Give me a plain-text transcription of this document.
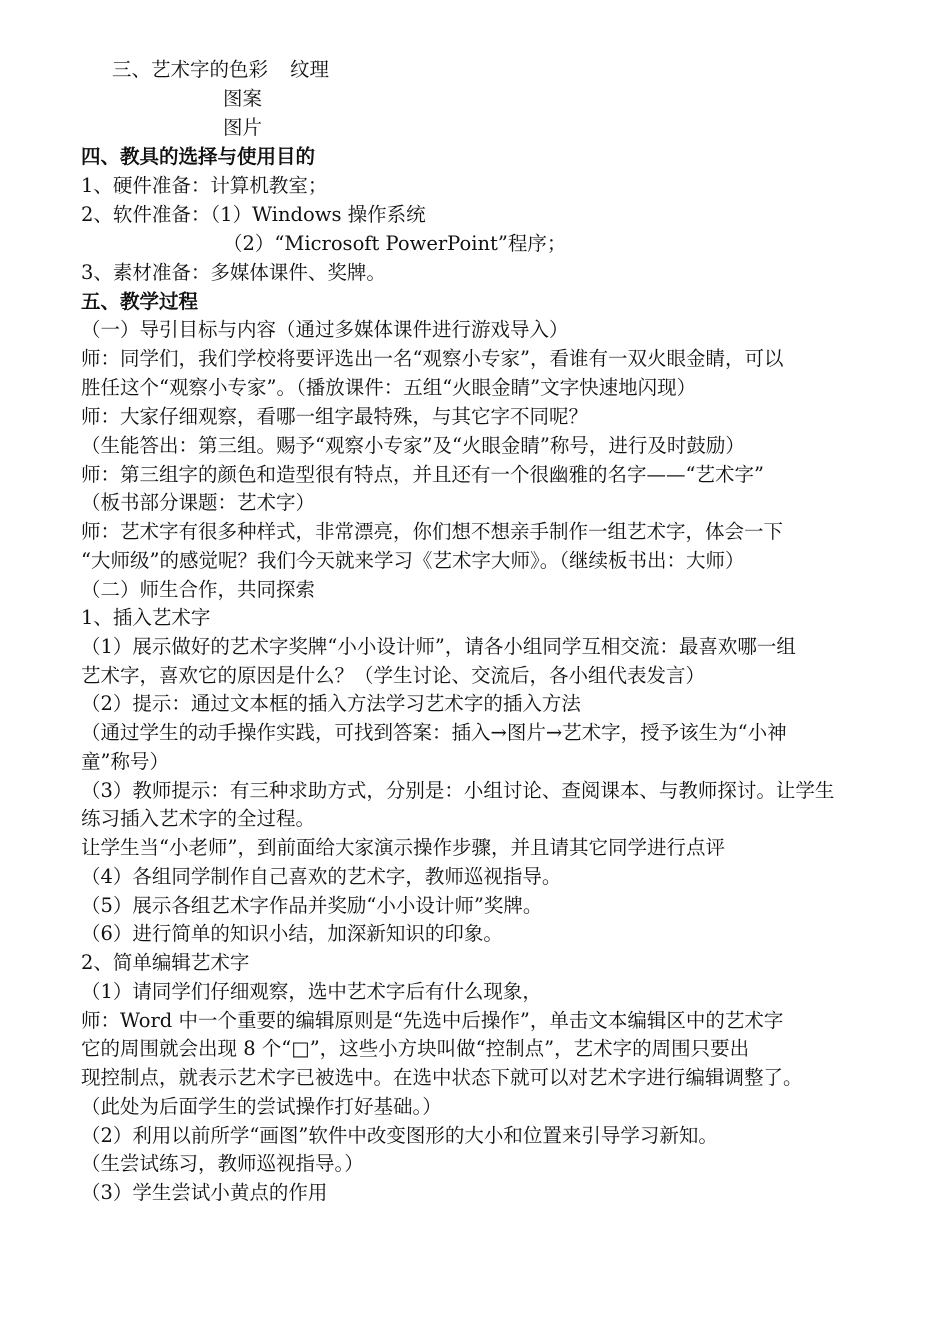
三、艺术字的色彩 纹理
图案
图片
四、教具的选择与使用目的
1、硬件准备：计算机教室；
2、软件准备：（1）Windows 操作系统
（2）“Microsoft PowerPoint”程序；
3、素材准备：多媒体课件、奖牌。
五、教学过程
（一）导引目标与内容（通过多媒体课件进行游戏导入）
师：同学们，我们学校将要评选出一名“观察小专家”，看谁有一双火眼金睛，可以
胜任这个“观察小专家”。（播放课件：五组“火眼金睛”文字快速地闪现）
师：大家仔细观察，看哪一组字最特殊，与其它字不同呢？
（生能答出：第三组。赐予“观察小专家”及“火眼金睛”称号，进行及时鼓励）
师：第三组字的颜色和造型很有特点，并且还有一个很幽雅的名字——“艺术字”
（板书部分课题：艺术字）
师：艺术字有很多种样式，非常漂亮，你们想不想亲手制作一组艺术字，体会一下
“大师级”的感觉呢？我们今天就来学习《艺术字大师》。（继续板书出：大师）
（二）师生合作，共同探索
1、插入艺术字
（1）展示做好的艺术字奖牌“小小设计师”，请各小组同学互相交流：最喜欢哪一组
艺术字，喜欢它的原因是什么？（学生讨论、交流后，各小组代表发言）
（2）提示：通过文本框的插入方法学习艺术字的插入方法
（通过学生的动手操作实践，可找到答案：插入→图片→艺术字，授予该生为“小神
童”称号）
（3）教师提示：有三种求助方式，分别是：小组讨论、查阅课本、与教师探讨。让学生
练习插入艺术字的全过程。
让学生当“小老师”，到前面给大家演示操作步骤，并且请其它同学进行点评
（4）各组同学制作自己喜欢的艺术字，教师巡视指导。
（5）展示各组艺术字作品并奖励“小小设计师”奖牌。
（6）进行简单的知识小结，加深新知识的印象。
2、简单编辑艺术字
（1）请同学们仔细观察，选中艺术字后有什么现象，
师：Word 中一个重要的编辑原则是“先选中后操作”，单击文本编辑区中的艺术字
它的周围就会出现 8 个“□”，这些小方块叫做“控制点”，艺术字的周围只要出
现控制点，就表示艺术字已被选中。在选中状态下就可以对艺术字进行编辑调整了。
（此处为后面学生的尝试操作打好基础。）
（2）利用以前所学“画图”软件中改变图形的大小和位置来引导学习新知。
（生尝试练习，教师巡视指导。）
（3）学生尝试小黄点的作用
